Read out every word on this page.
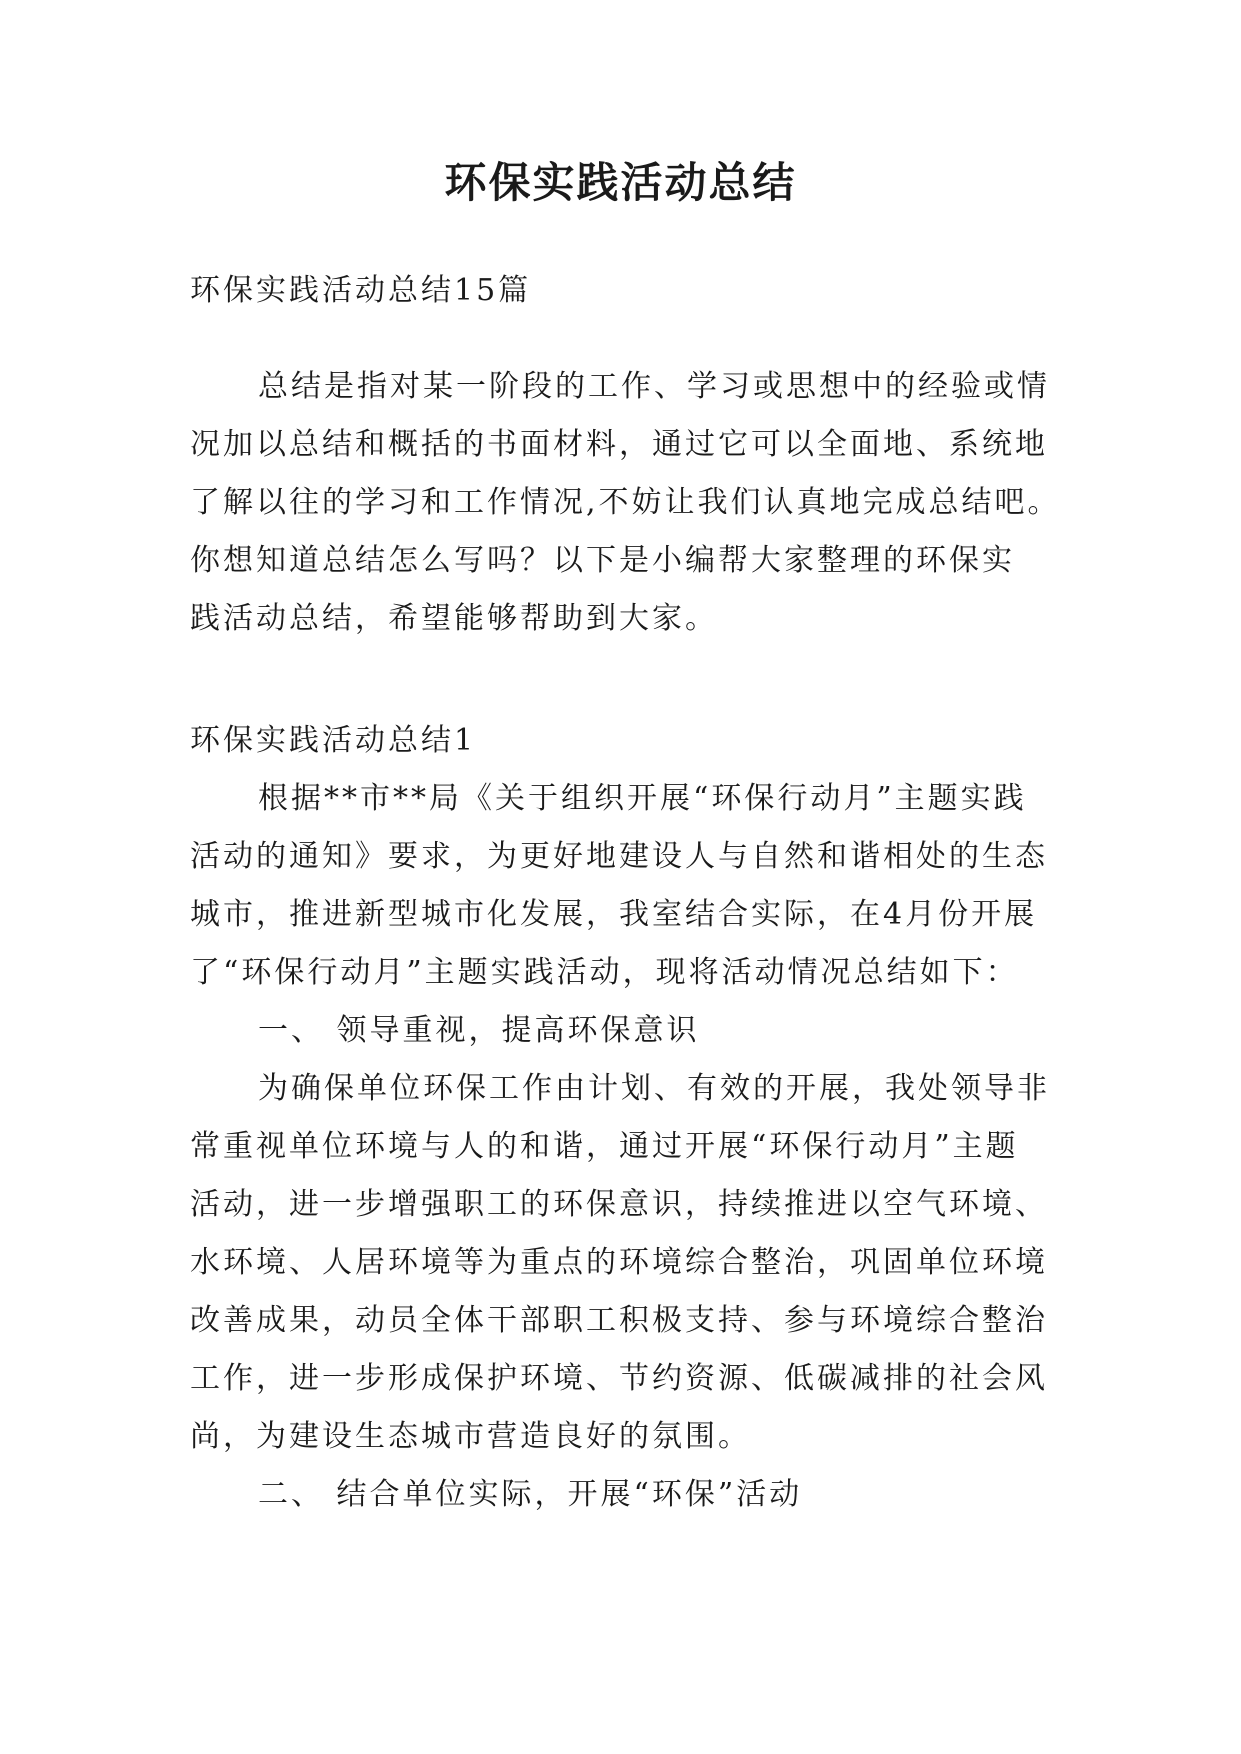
环保实践活动总结

环保实践活动总结15篇

总结是指对某一阶段的工作、学习或思想中的经验或情
况加以总结和概括的书面材料，通过它可以全面地、系统地
了解以往的学习和工作情况,不妨让我们认真地完成总结吧。
你想知道总结怎么写吗？以下是小编帮大家整理的环保实
践活动总结，希望能够帮助到大家。

环保实践活动总结1

根据**市**局《关于组织开展“环保行动月”主题实践
活动的通知》要求，为更好地建设人与自然和谐相处的生态
城市，推进新型城市化发展，我室结合实际，在4月份开展
了“环保行动月”主题实践活动，现将活动情况总结如下：

一、 领导重视，提高环保意识

为确保单位环保工作由计划、有效的开展，我处领导非
常重视单位环境与人的和谐，通过开展“环保行动月”主题
活动，进一步增强职工的环保意识，持续推进以空气环境、
水环境、人居环境等为重点的环境综合整治，巩固单位环境
改善成果，动员全体干部职工积极支持、参与环境综合整治
工作，进一步形成保护环境、节约资源、低碳减排的社会风
尚，为建设生态城市营造良好的氛围。

二、 结合单位实际，开展“环保”活动
